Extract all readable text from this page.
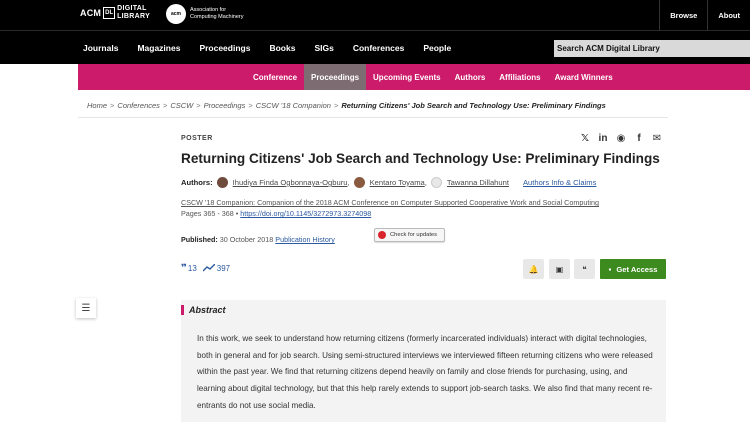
ACM DL
DIGITAL
LIBRARY	acm
Association for
Computing Machinery	Browse	About
Journals Magazines Proceedings Books SIGs Conferences People	Search ACM Digital Library
Conference	Proceedings	Upcoming Events	Authors	Affiliations	Award Winners
Home > Conferences > CSCW > Proceedings > CSCW '18 Companion > Returning Citizens' Job Search and Technology Use: Preliminary Findings
POSTER	𝕏 in ◉	f	✉
Returning Citizens' Job Search and Technology Use: Preliminary Findings
Authors:	Ihudiya Finda Ogbonnaya-Ogburu ,	Kentaro Toyama ,	Tawanna Dillahunt Authors Info & Claims
CSCW '18 Companion: Companion of the 2018 ACM Conference on Computer Supported Cooperative Work and Social Computing
Pages 365 - 368 • https://doi.org/10.1145/3272973.3274098
Published: 30 October 2018 Publication History	Check for updates
❞ 13	397	🔔 ▣ ❝	▪ Get Access
☰	Abstract
In this work, we seek to understand how returning citizens (formerly incarcerated individuals) interact with digital technologies, both in general and for job search. Using semi-structured interviews we interviewed fifteen returning citizens who were released within the past year. We find that returning citizens depend heavily on family and close friends for purchasing, using, and learning about digital technology, but that this help rarely extends to support job-search tasks. We also find that many recent re-entrants do not use social media.
